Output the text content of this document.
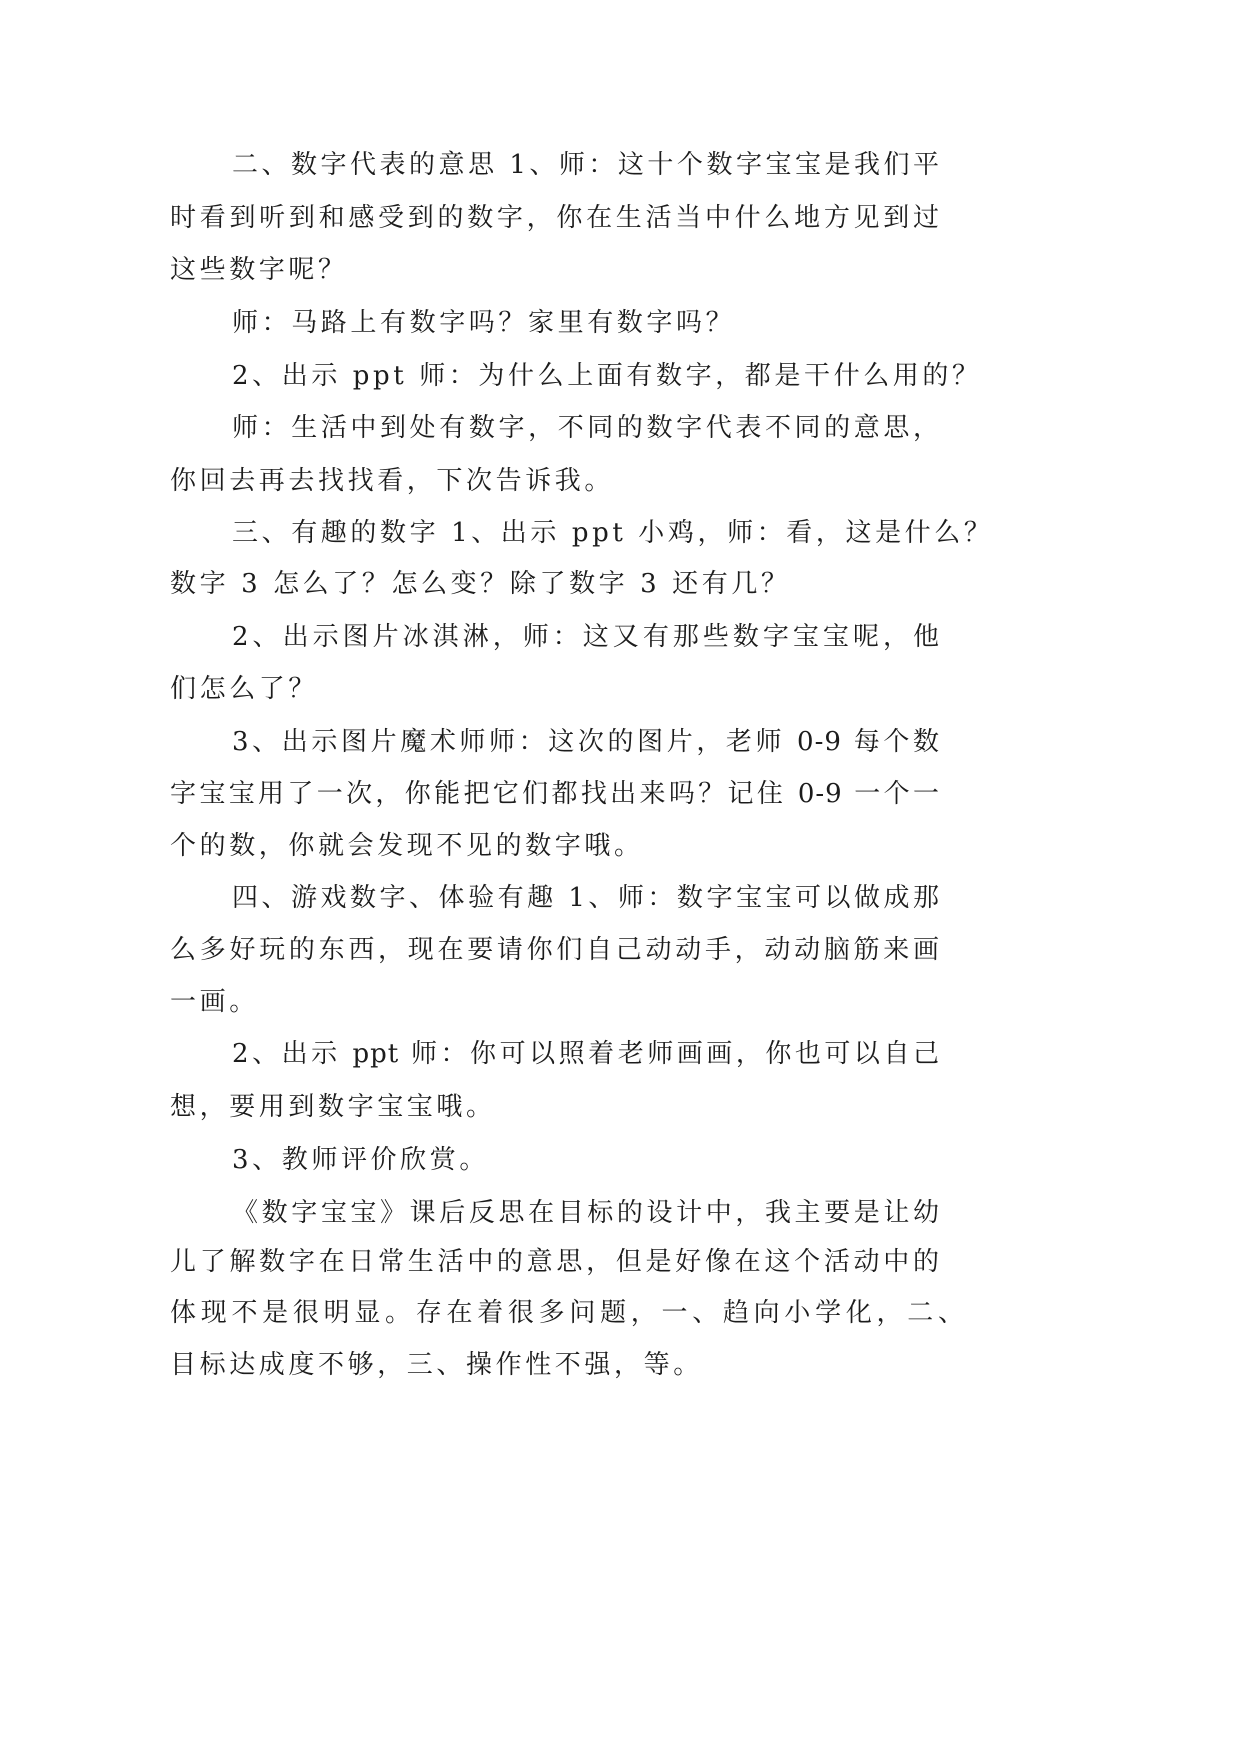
二、数字代表的意思 1、师：这十个数字宝宝是我们平
时看到听到和感受到的数字，你在生活当中什么地方见到过
这些数字呢？
师：马路上有数字吗？家里有数字吗？
2、出示 ppt 师：为什么上面有数字，都是干什么用的？
师：生活中到处有数字，不同的数字代表不同的意思，
你回去再去找找看，下次告诉我。
三、有趣的数字 1、出示 ppt 小鸡，师：看，这是什么？
数字 3 怎么了？怎么变？除了数字 3 还有几？
2、出示图片冰淇淋，师：这又有那些数字宝宝呢，他
们怎么了？
3、出示图片魔术师师：这次的图片，老师 0-9 每个数
字宝宝用了一次，你能把它们都找出来吗？记住 0-9 一个一
个的数，你就会发现不见的数字哦。
四、游戏数字、体验有趣 1、师：数字宝宝可以做成那
么多好玩的东西，现在要请你们自己动动手，动动脑筋来画
一画。
2、出示 ppt 师：你可以照着老师画画，你也可以自己
想，要用到数字宝宝哦。
3、教师评价欣赏。
《数字宝宝》课后反思在目标的设计中，我主要是让幼
儿了解数字在日常生活中的意思，但是好像在这个活动中的
体现不是很明显。存在着很多问题，一、趋向小学化，二、
目标达成度不够，三、操作性不强，等。
